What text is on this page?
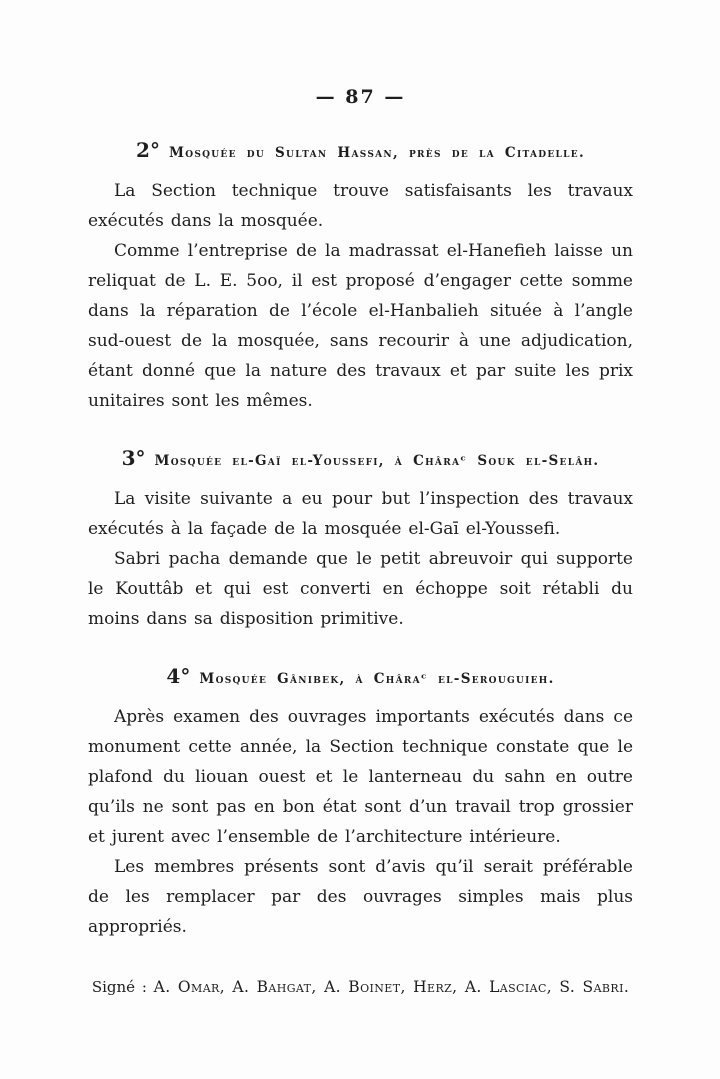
— 87 —
2° Mosquée du Sultan Hassan, près de la Citadelle.

La Section technique trouve satisfaisants les travaux exécutés dans la mosquée.

Comme l’entreprise de la madrassat el-Hanefieh laisse un reliquat de L. E. 5oo, il est proposé d’engager cette somme dans la réparation de l’école el-Hanbalieh située à l’angle sud-ouest de la mosquée, sans recourir à une adjudication, étant donné que la nature des travaux et par suite les prix unitaires sont les mêmes.

3° Mosquée el-Gaï el-Youssefi, à Châraᶜ Souk el-Selâh.

La visite suivante a eu pour but l’inspection des travaux exécutés à la façade de la mosquée el-Gaī el-Youssefi.

Sabri pacha demande que le petit abreuvoir qui supporte le Kouttâb et qui est converti en échoppe soit rétabli du moins dans sa disposition primitive.

4° Mosquée Gânibek, à Châraᶜ el-Serouguieh.

Après examen des ouvrages importants exécutés dans ce monument cette année, la Section technique constate que le plafond du liouan ouest et le lanterneau du sahn en outre qu’ils ne sont pas en bon état sont d’un travail trop grossier et jurent avec l’ensemble de l’architecture intérieure.

Les membres présents sont d’avis qu’il serait préférable de les remplacer par des ouvrages simples mais plus appropriés.

Signé : A. Omar, A. Bahgat, A. Boinet, Herz, A. Lasciac, S. Sabri.
